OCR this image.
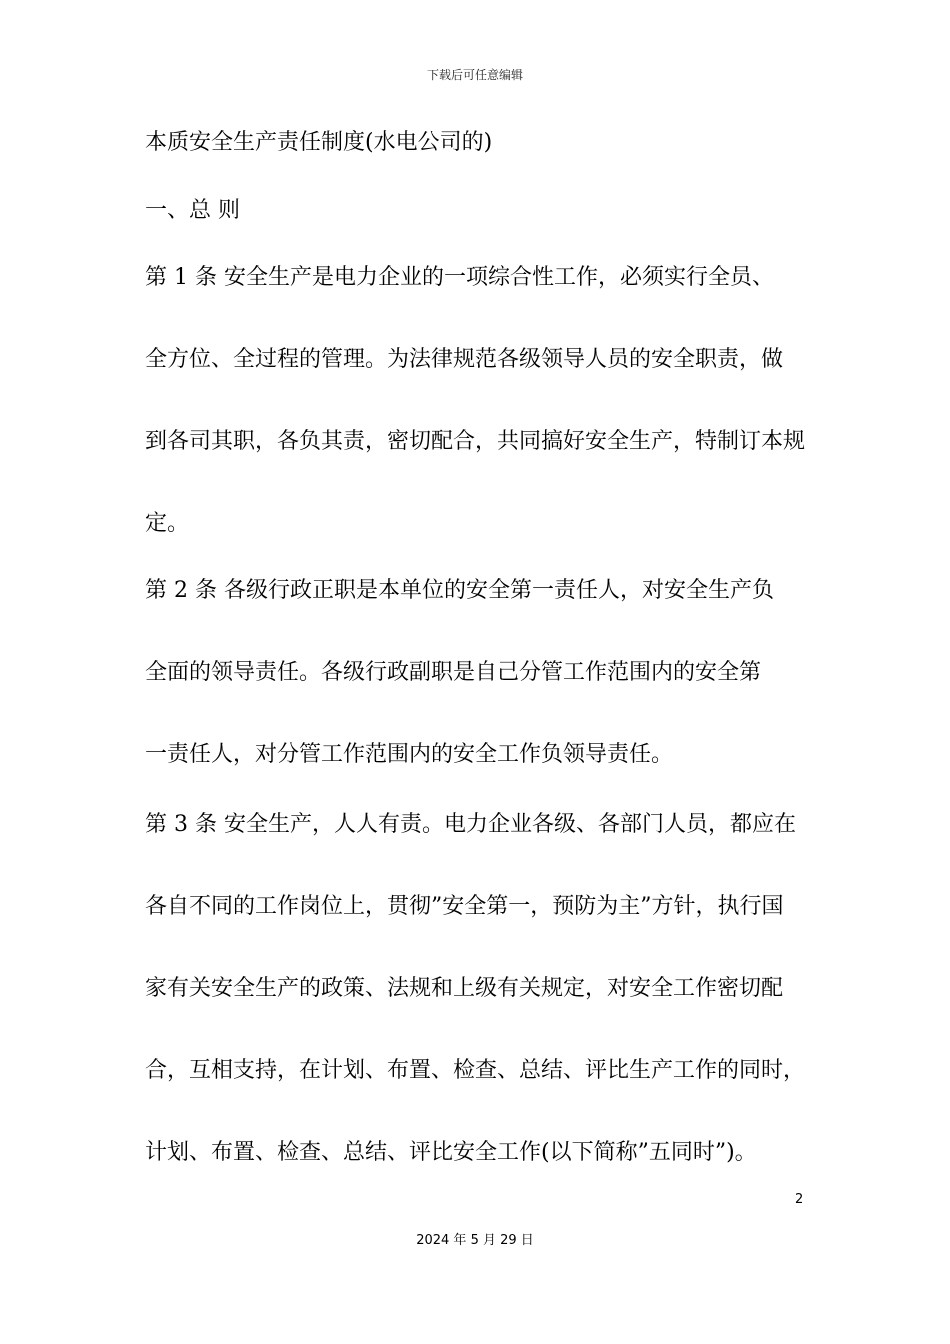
下载后可任意编辑
本质安全生产责任制度(水电公司的)
一、总 则
第 1 条 安全生产是电力企业的一项综合性工作，必须实行全员、
全方位、全过程的管理。为法律规范各级领导人员的安全职责，做
到各司其职，各负其责，密切配合，共同搞好安全生产，特制订本规
定。
第 2 条 各级行政正职是本单位的安全第一责任人，对安全生产负
全面的领导责任。各级行政副职是自己分管工作范围内的安全第
一责任人，对分管工作范围内的安全工作负领导责任。
第 3 条 安全生产，人人有责。电力企业各级、各部门人员，都应在
各自不同的工作岗位上，贯彻”安全第一，预防为主”方针，执行国
家有关安全生产的政策、法规和上级有关规定，对安全工作密切配
合，互相支持，在计划、布置、检查、总结、评比生产工作的同时，
计划、布置、检查、总结、评比安全工作(以下简称”五同时”)。
2
2024 年 5 月 29 日
